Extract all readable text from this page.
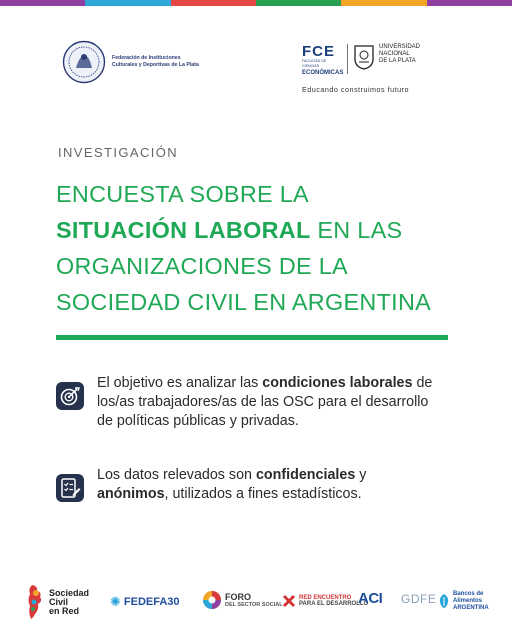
Federación de Instituciones Culturales y Deportivas de La Plata
FCE
FACULTAD DE CIENCIAS
ECONÓMICAS
UNIVERSIDAD
NACIONAL
DE LA PLATA
Educando construimos futuro
INVESTIGACIÓN
ENCUESTA SOBRE LA
SITUACIÓN LABORAL EN LAS
ORGANIZACIONES DE LA
SOCIEDAD CIVIL EN ARGENTINA
El objetivo es analizar las condiciones laborales de los/as trabajadores/as de las OSC para el desarrollo de políticas públicas y privadas.
Los datos relevados son confidenciales y anónimos, utilizados a fines estadísticos.
Sociedad
Civil
en Red
✺ FEDEFA30	FORO
DEL SECTOR SOCIAL
RED ENCUENTRO
PARA EL DESARROLLO
ACI GDFE	Bancos de
Alimentos
ARGENTINA
